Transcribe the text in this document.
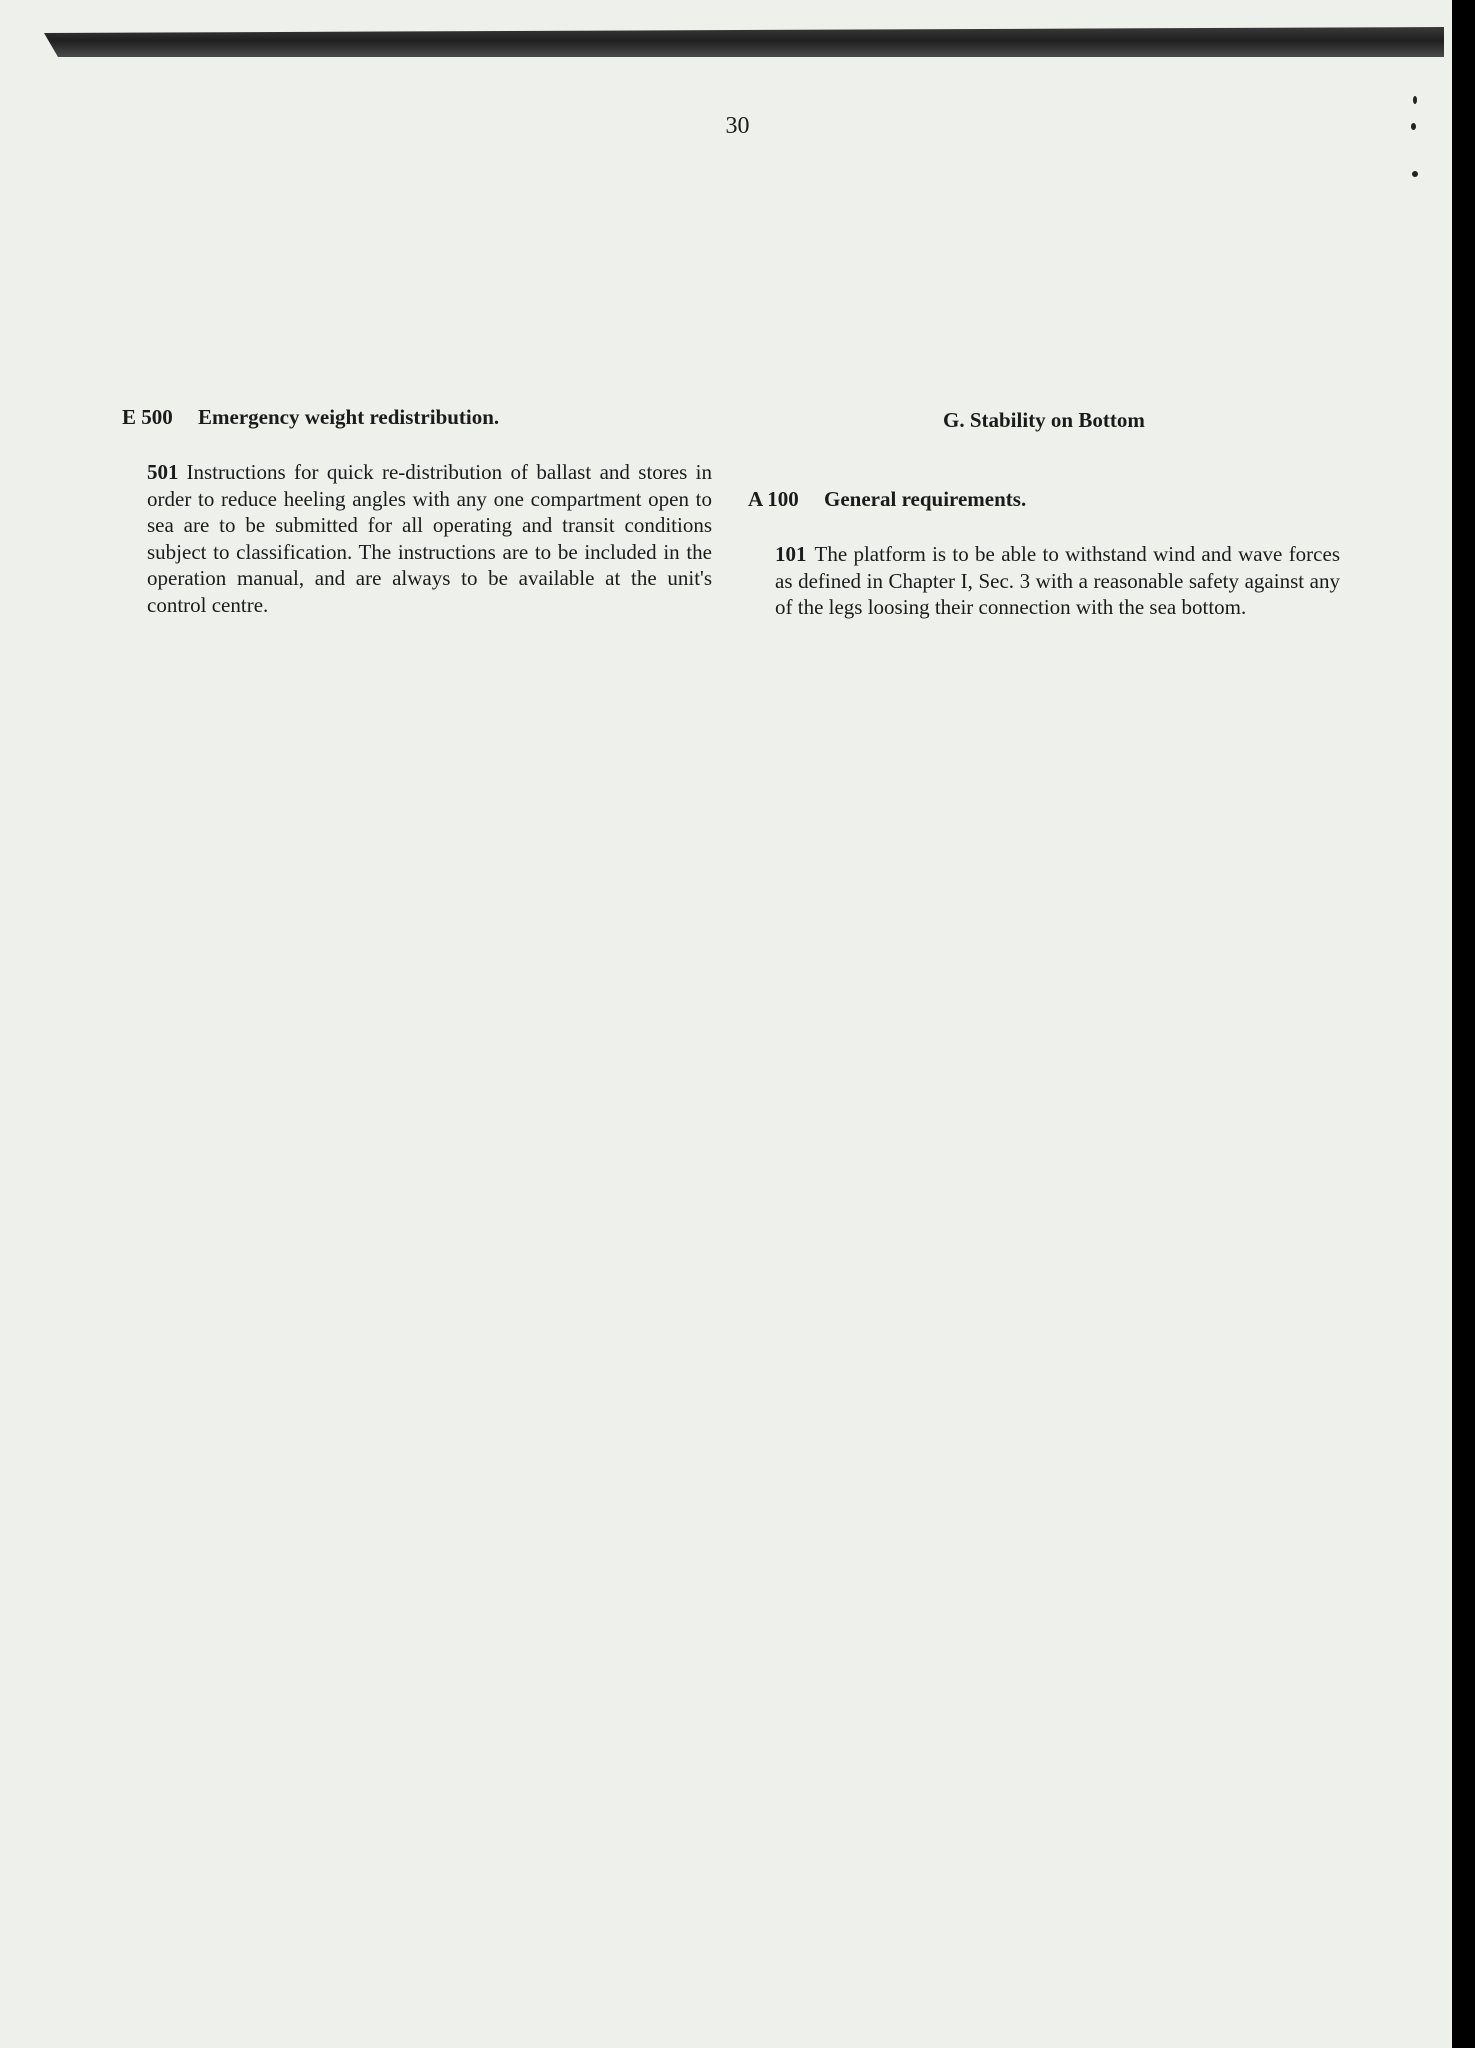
30
E 500 Emergency weight redistribution.
501 Instructions for quick re-distribution of ballast and stores in order to reduce heeling angles with any one compartment open to sea are to be submitted for all operating and transit conditions subject to classification. The instructions are to be included in the operation manual, and are always to be available at the unit's control centre.
G. Stability on Bottom
A 100 General requirements.
101 The platform is to be able to withstand wind and wave forces as defined in Chapter I, Sec. 3 with a reasonable safety against any of the legs loosing their connection with the sea bottom.
